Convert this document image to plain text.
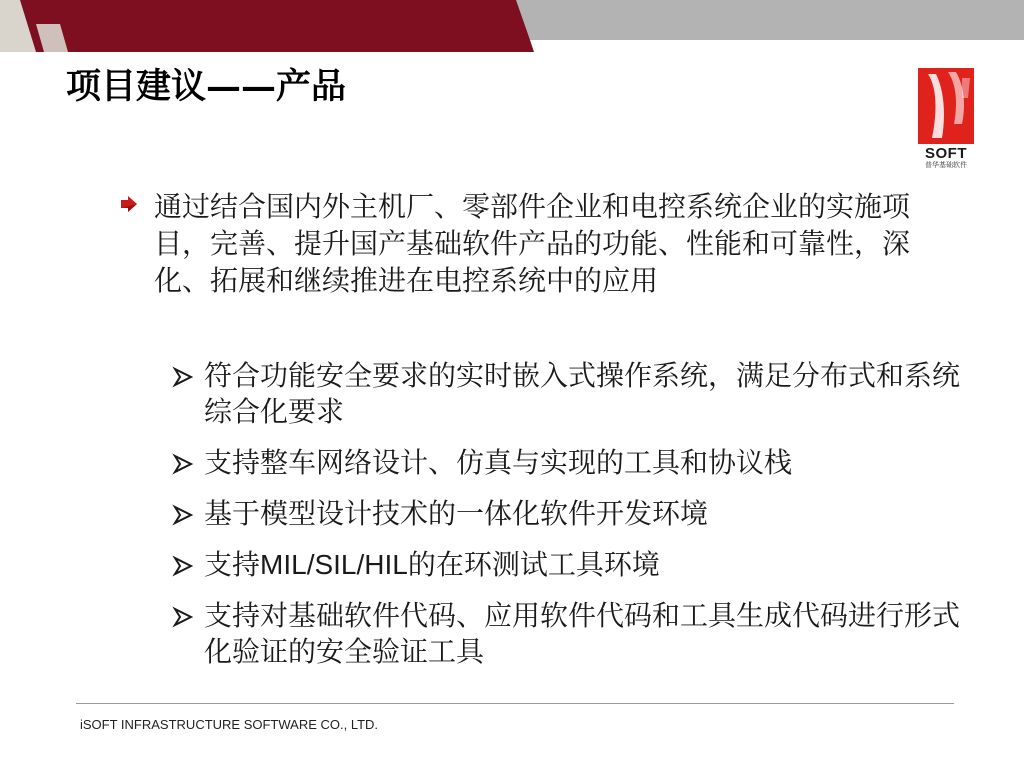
项目建议——产品
SOFT
普华基础软件
通过结合国内外主机厂、零部件企业和电控系统企业的实施项目，完善、提升国产基础软件产品的功能、性能和可靠性，深化、拓展和继续推进在电控系统中的应用
符合功能安全要求的实时嵌入式操作系统，满足分布式和系统综合化要求
支持整车网络设计、仿真与实现的工具和协议栈
基于模型设计技术的一体化软件开发环境
支持MIL/SIL/HIL的在环测试工具环境
支持对基础软件代码、应用软件代码和工具生成代码进行形式化验证的安全验证工具
iSOFT INFRASTRUCTURE SOFTWARE CO., LTD.
